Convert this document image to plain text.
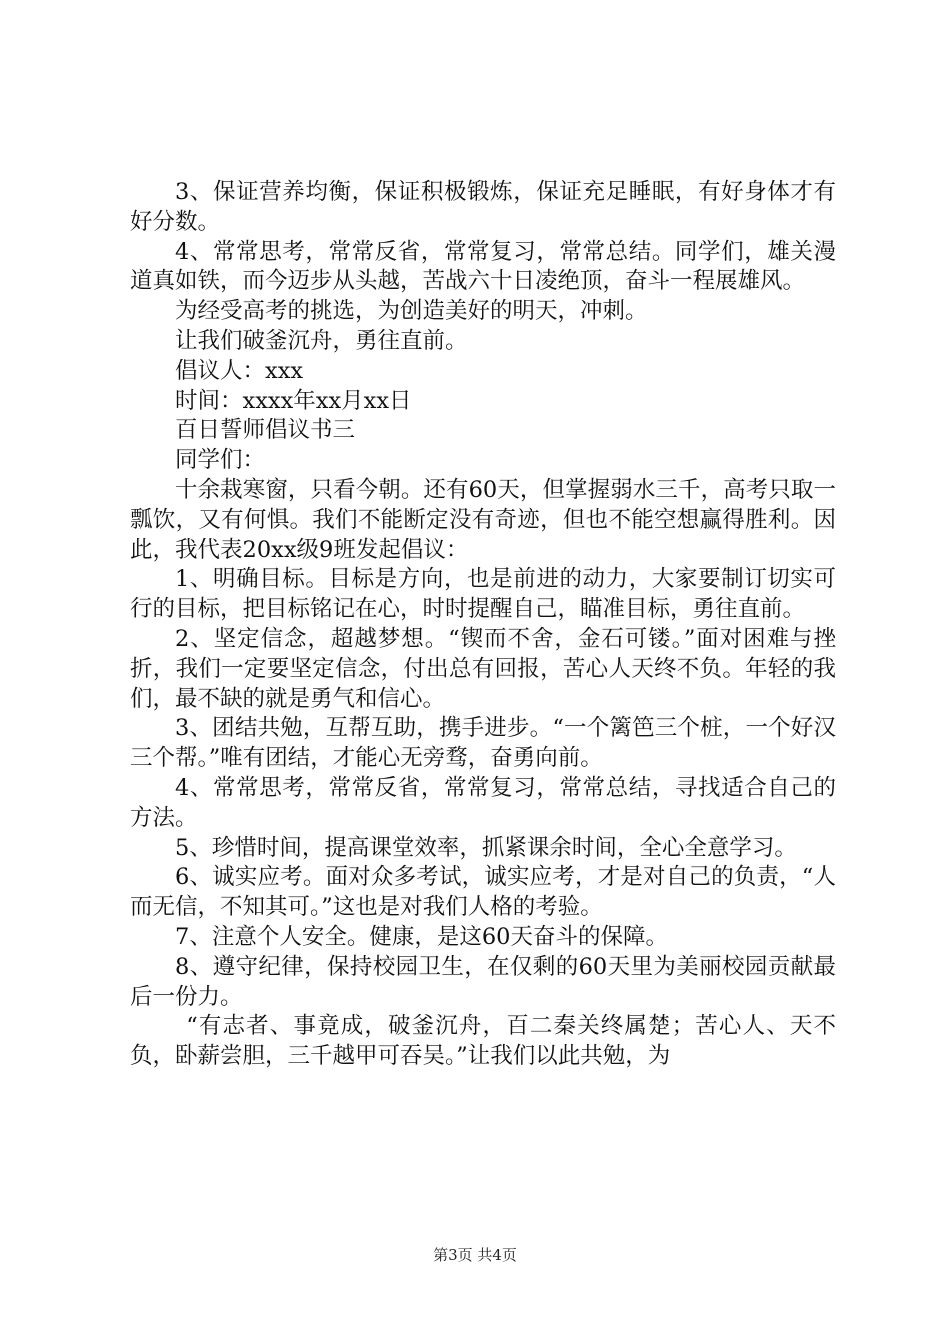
3、保证营养均衡，保证积极锻炼，保证充足睡眠，有好身体才有好分数。

4、常常思考，常常反省，常常复习，常常总结。同学们，雄关漫道真如铁，而今迈步从头越，苦战六十日凌绝顶，奋斗一程展雄风。

为经受高考的挑选，为创造美好的明天，冲刺。

让我们破釜沉舟，勇往直前。

倡议人：xxx

时间：xxxx年xx月xx日

百日誓师倡议书三

同学们：

十余栽寒窗，只看今朝。还有60天，但掌握弱水三千，高考只取一瓢饮，又有何惧。我们不能断定没有奇迹，但也不能空想赢得胜利。因此，我代表20xx级9班发起倡议：

1、明确目标。目标是方向，也是前进的动力，大家要制订切实可行的目标，把目标铭记在心，时时提醒自己，瞄准目标，勇往直前。

2、坚定信念，超越梦想。“锲而不舍，金石可镂。”面对困难与挫折，我们一定要坚定信念，付出总有回报，苦心人天终不负。年轻的我们，最不缺的就是勇气和信心。

3、团结共勉，互帮互助，携手进步。“一个篱笆三个桩，一个好汉三个帮。”唯有团结，才能心无旁骛，奋勇向前。

4、常常思考，常常反省，常常复习，常常总结，寻找适合自己的方法。

5、珍惜时间，提高课堂效率，抓紧课余时间，全心全意学习。

6、诚实应考。面对众多考试，诚实应考，才是对自己的负责，“人而无信，不知其可。”这也是对我们人格的考验。

7、注意个人安全。健康，是这60天奋斗的保障。

8、遵守纪律，保持校园卫生，在仅剩的60天里为美丽校园贡献最后一份力。

“有志者、事竟成，破釜沉舟，百二秦关终属楚；苦心人、天不负，卧薪尝胆，三千越甲可吞吴。”让我们以此共勉，为

第3页 共4页
